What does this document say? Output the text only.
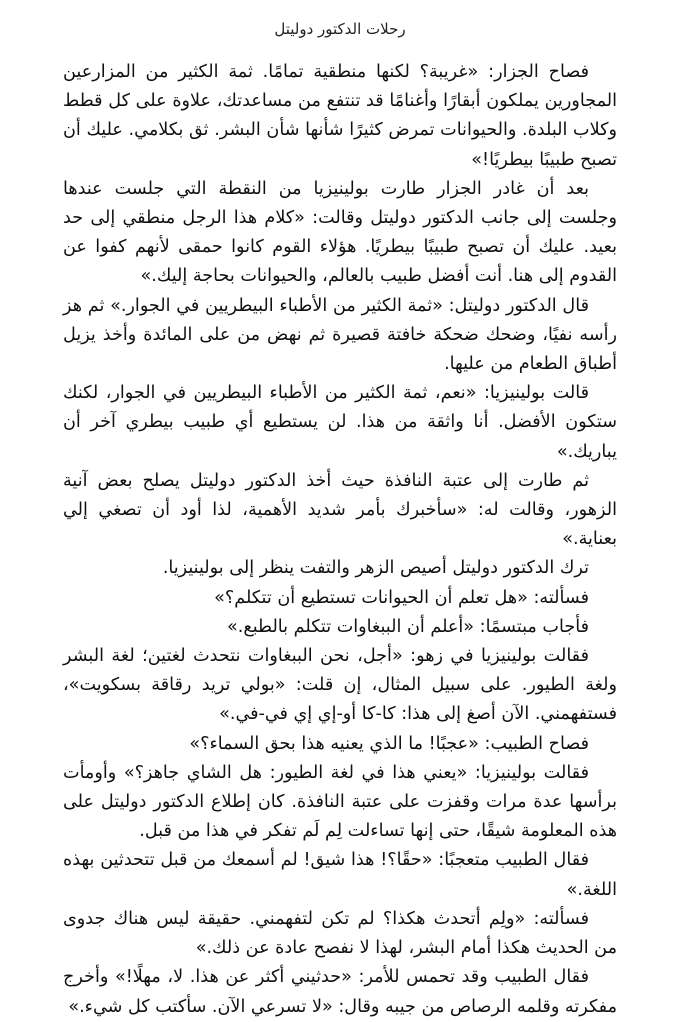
رحلات الدكتور دوليتل

فصاح الجزار: «غريبة؟ لكنها منطقية تمامًا. ثمة الكثير من المزارعين المجاورين يملكون أبقارًا وأغنامًا قد تنتفع من مساعدتك، علاوة على كل قطط وكلاب البلدة. والحيوانات تمرض كثيرًا شأنها شأن البشر. ثق بكلامي. عليك أن تصبح طبيبًا بيطريًا!»

بعد أن غادر الجزار طارت بولينيزيا من النقطة التي جلست عندها وجلست إلى جانب الدكتور دوليتل وقالت: «كلام هذا الرجل منطقي إلى حد بعيد. عليك أن تصبح طبيبًا بيطريًا. هؤلاء القوم كانوا حمقى لأنهم كفوا عن القدوم إلى هنا. أنت أفضل طبيب بالعالم، والحيوانات بحاجة إليك.»

قال الدكتور دوليتل: «ثمة الكثير من الأطباء البيطريين في الجوار.» ثم هز رأسه نفيًا، وضحك ضحكة خافتة قصيرة ثم نهض من على المائدة وأخذ يزيل أطباق الطعام من عليها.

قالت بولينيزيا: «نعم، ثمة الكثير من الأطباء البيطريين في الجوار، لكنك ستكون الأفضل. أنا واثقة من هذا. لن يستطيع أي طبيب بيطري آخر أن يباريك.»

ثم طارت إلى عتبة النافذة حيث أخذ الدكتور دوليتل يصلح بعض آنية الزهور، وقالت له: «سأخبرك بأمر شديد الأهمية، لذا أود أن تصغي إلي بعناية.»

ترك الدكتور دوليتل أصيص الزهر والتفت ينظر إلى بولينيزيا.

فسألته: «هل تعلم أن الحيوانات تستطيع أن تتكلم؟»

فأجاب مبتسمًا: «أعلم أن الببغاوات تتكلم بالطبع.»

فقالت بولينيزيا في زهو: «أجل، نحن الببغاوات نتحدث لغتين؛ لغة البشر ولغة الطيور. على سبيل المثال، إن قلت: «بولي تريد رقاقة بسكويت»، فستفهمني. الآن أصغ إلى هذا: كا-كا أو-إي إي في-في.»

فصاح الطبيب: «عجبًا! ما الذي يعنيه هذا بحق السماء؟»

فقالت بولينيزيا: «يعني هذا في لغة الطيور: هل الشاي جاهز؟» وأومأت برأسها عدة مرات وقفزت على عتبة النافذة. كان إطلاع الدكتور دوليتل على هذه المعلومة شيقًا، حتى إنها تساءلت لِم لَم تفكر في هذا من قبل.

فقال الطبيب متعجبًا: «حقًا؟! هذا شيق! لم أسمعك من قبل تتحدثين بهذه اللغة.»

فسألته: «ولِم أتحدث هكذا؟ لم تكن لتفهمني. حقيقة ليس هناك جدوى من الحديث هكذا أمام البشر، لهذا لا نفصح عادة عن ذلك.»

فقال الطبيب وقد تحمس للأمر: «حدثيني أكثر عن هذا. لا، مهلًا!» وأخرج مفكرته وقلمه الرصاص من جيبه وقال: «لا تسرعي الآن. سأكتب كل شيء.»
